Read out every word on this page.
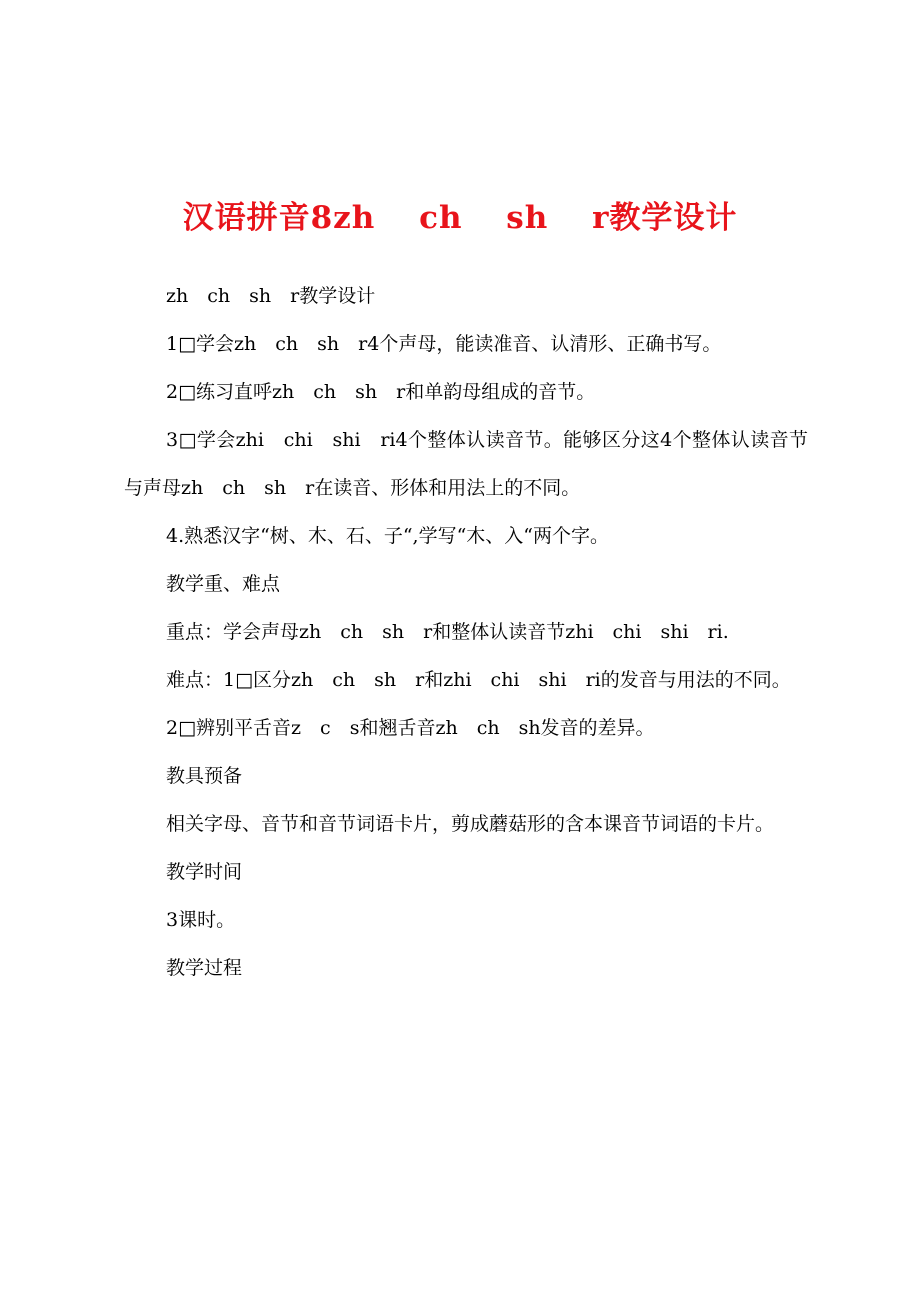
汉语拼音8zh　 ch　 sh　 r教学设计

zh　ch　sh　r教学设计

1□学会zh　ch　sh　r4个声母，能读准音、认清形、正确书写。

2□练习直呼zh　ch　sh　r和单韵母组成的音节。

3□学会zhi　chi　shi　ri4个整体认读音节。能够区分这4个整体认读音节与声母zh　ch　sh　r在读音、形体和用法上的不同。

4.熟悉汉字“树、木、石、子“,学写“木、入“两个字。

教学重、难点

重点：学会声母zh　ch　sh　r和整体认读音节zhi　chi　shi　ri.

难点：1□区分zh　ch　sh　r和zhi　chi　shi　ri的发音与用法的不同。

2□辨别平舌音z　c　s和翘舌音zh　ch　sh发音的差异。

教具预备

相关字母、音节和音节词语卡片，剪成蘑菇形的含本课音节词语的卡片。

教学时间

3课时。

教学过程
